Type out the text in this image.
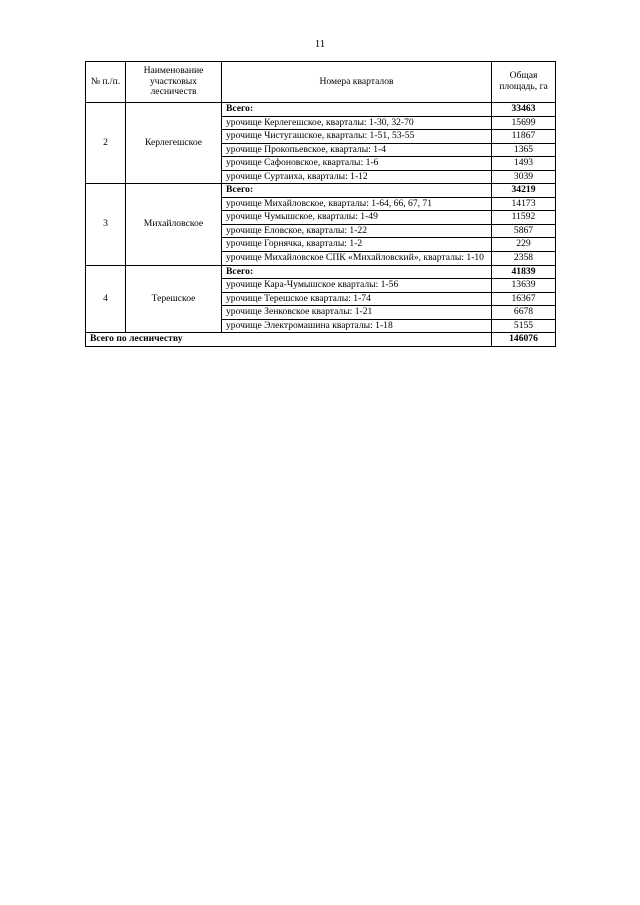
11
№ п./п.	Наименование участковых лесничеств	Номера кварталов	Общая площадь, га
2	Керлегешское	Всего:	33463
		урочище Керлегешское, кварталы: 1-30, 32-70	15699
		урочище Чистугашское, кварталы: 1-51, 53-55	11867
		урочище Прокопьевское, кварталы: 1-4	1365
		урочище Сафоновское, кварталы: 1-6	1493
		урочище Суртаиха, кварталы: 1-12	3039
3	Михайловское	Всего:	34219
		урочище Михайловское, кварталы: 1-64, 66, 67, 71	14173
		урочище Чумышское, кварталы: 1-49	11592
		урочище Еловское, кварталы: 1-22	5867
		урочище Горнячка, кварталы: 1-2	229
		урочище Михайловское СПК «Михайловский», кварталы: 1-10	2358
4	Терешское	Всего:	41839
		урочище Кара-Чумышское кварталы: 1-56	13639
		урочище Терешское кварталы: 1-74	16367
		урочище Зенковское кварталы: 1-21	6678
		урочище Электромашина кварталы: 1-18	5155
Всего по лесничеству			146076
